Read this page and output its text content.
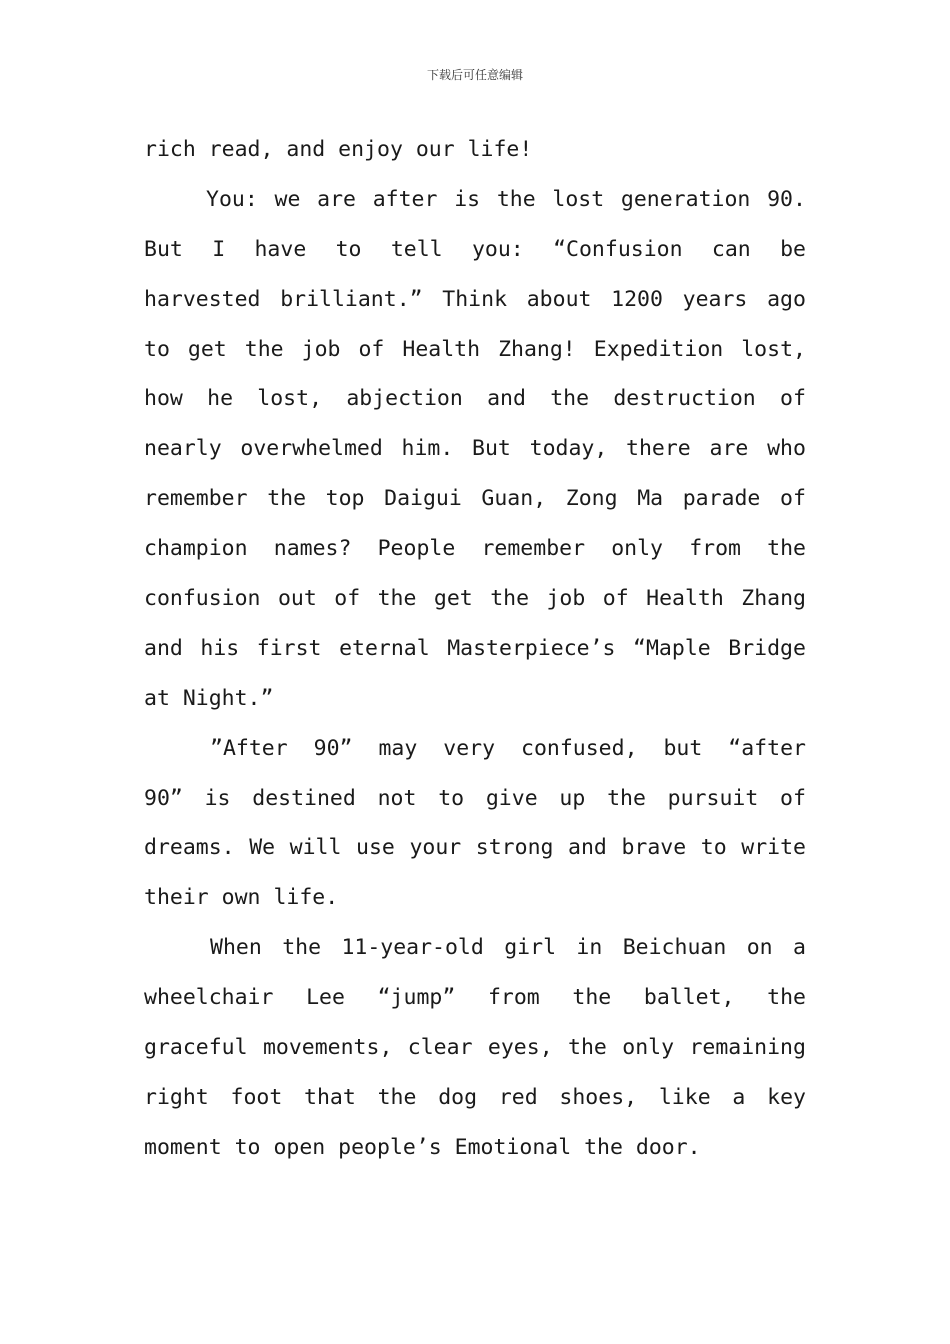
下载后可任意编辑
rich read, and enjoy our life!
You: we are after is the lost generation 90.
But I have to tell you: “Confusion can be
harvested brilliant.” Think about 1200 years ago
to get the job of Health Zhang! Expedition lost,
how he lost, abjection and the destruction of
nearly overwhelmed him. But today, there are who
remember the top Daigui Guan, Zong Ma parade of
champion names? People remember only from the
confusion out of the get the job of Health Zhang
and his first eternal Masterpiece’s “Maple Bridge
at Night.”
”After 90” may very confused, but “after
90” is destined not to give up the pursuit of
dreams. We will use your strong and brave to write
their own life.
When the 11-year-old girl in Beichuan on a
wheelchair Lee “jump” from the ballet, the
graceful movements, clear eyes, the only remaining
right foot that the dog red shoes, like a key
moment to open people’s Emotional the door.
